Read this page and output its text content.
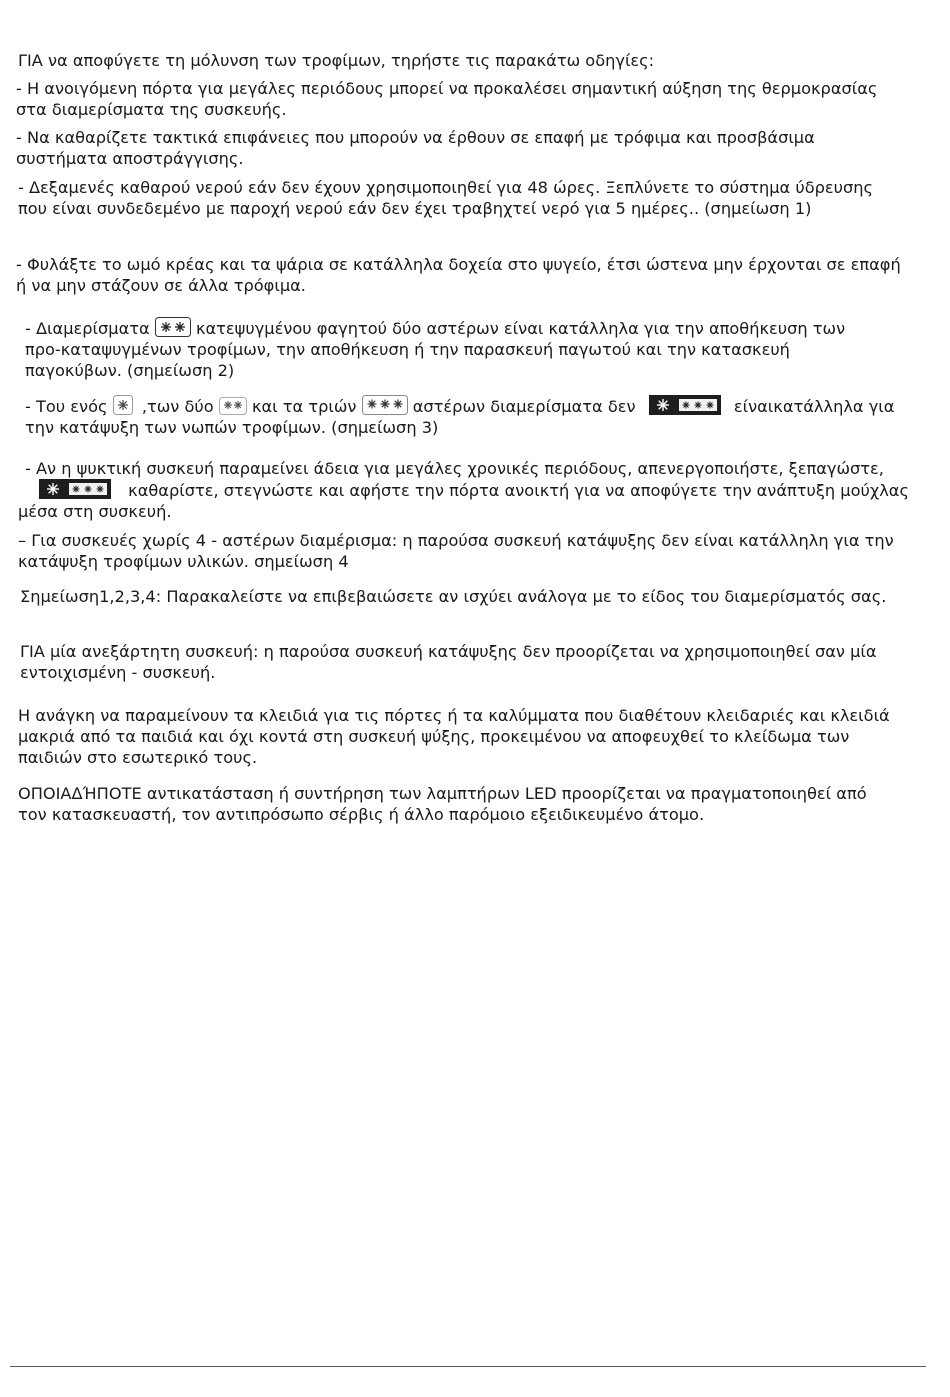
ΓΙΑ να αποφύγετε τη μόλυνση των τροφίμων, τηρήστε τις παρακάτω οδηγίες:

- Η ανοιγόμενη πόρτα για μεγάλες περιόδους μπορεί να προκαλέσει σημαντική αύξηση της θερμοκρασίας
στα διαμερίσματα της συσκευής.

- Να καθαρίζετε τακτικά επιφάνειες που μπορούν να έρθουν σε επαφή με τρόφιμα και προσβάσιμα
συστήματα αποστράγγισης.

- Δεξαμενές καθαρού νερού εάν δεν έχουν χρησιμοποιηθεί για 48 ώρες. Ξεπλύνετε το σύστημα ύδρευσης
που είναι συνδεδεμένο με παροχή νερού εάν δεν έχει τραβηχτεί νερό για 5 ημέρες.. (σημείωση 1)

- Φυλάξτε το ωμό κρέας και τα ψάρια σε κατάλληλα δοχεία στο ψυγείο, έτσι ώστενα μην έρχονται σε επαφή
ή να μην στάζουν σε άλλα τρόφιμα.

- Διαμερίσματα	κατεψυγμένου φαγητού δύο αστέρων είναι κατάλληλα για την αποθήκευση των
προ-καταψυγμένων τροφίμων, την αποθήκευση ή την παρασκευή παγωτού και την κατασκευή
παγοκύβων. (σημείωση 2)

- Του ενός ,των δύο και τα τριών	αστέρων διαμερίσματα δεν	είναικατάλληλα για
την κατάψυξη των νωπών τροφίμων. (σημείωση 3)

- Αν η ψυκτική συσκευή παραμείνει άδεια για μεγάλες χρονικές περιόδους, απενεργοποιήστε, ξεπαγώστε,
καθαρίστε, στεγνώστε και αφήστε την πόρτα ανοικτή για να αποφύγετε την ανάπτυξη μούχλας
μέσα στη συσκευή.

– Για συσκευές χωρίς 4 - αστέρων διαμέρισμα: η παρούσα συσκευή κατάψυξης δεν είναι κατάλληλη για την
κατάψυξη τροφίμων υλικών. σημείωση 4

Σημείωση1,2,3,4: Παρακαλείστε να επιβεβαιώσετε αν ισχύει ανάλογα με το είδος του διαμερίσματός σας.

ΓΙΑ μία ανεξάρτητη συσκευή: η παρούσα συσκευή κατάψυξης δεν προορίζεται να χρησιμοποιηθεί σαν μία
εντοιχισμένη - συσκευή.

Η ανάγκη να παραμείνουν τα κλειδιά για τις πόρτες ή τα καλύμματα που διαθέτουν κλειδαριές και κλειδιά
μακριά από τα παιδιά και όχι κοντά στη συσκευή ψύξης, προκειμένου να αποφευχθεί το κλείδωμα των
παιδιών στο εσωτερικό τους.

ΟΠΟΙΑΔΉΠΟΤΕ αντικατάσταση ή συντήρηση των λαμπτήρων LED προορίζεται να πραγματοποιηθεί από
τον κατασκευαστή, τον αντιπρόσωπο σέρβις ή άλλο παρόμοιο εξειδικευμένο άτομο.
